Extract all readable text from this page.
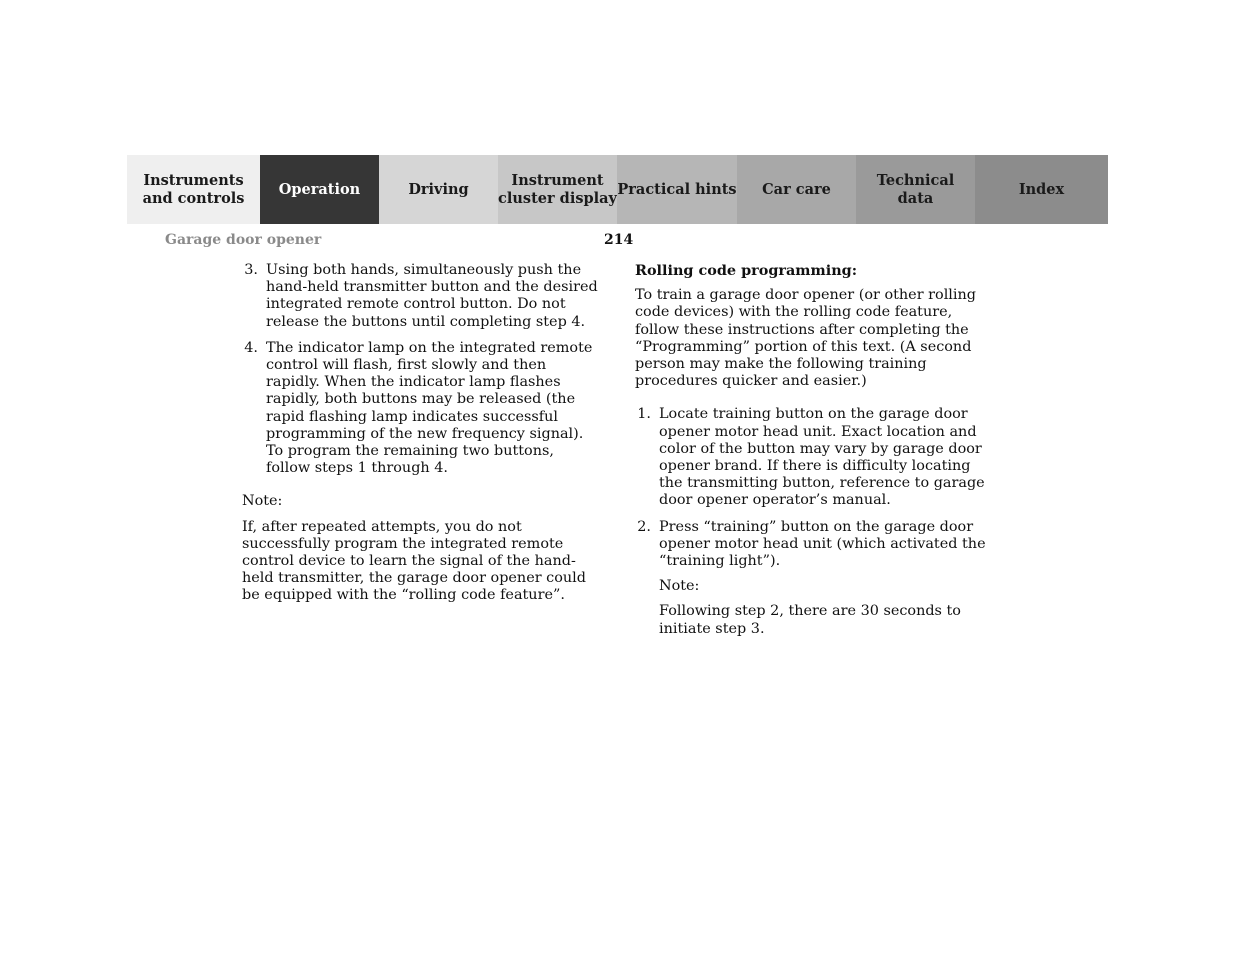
Instruments
and controls
Operation	Driving
Instrument
cluster display
Practical hints Car care
Technical
data
Index
Garage door opener	214
3. Using both hands, simultaneously push the hand-held transmitter button and the desired integrated remote control button. Do not release the buttons until completing step 4.
4. The indicator lamp on the integrated remote control will flash, first slowly and then rapidly. When the indicator lamp flashes rapidly, both buttons may be released (the rapid flashing lamp indicates successful programming of the new frequency signal). To program the remaining two buttons, follow steps 1 through 4.

Note:

If, after repeated attempts, you do not successfully program the integrated remote control device to learn the signal of the hand-held transmitter, the garage door opener could be equipped with the “rolling code feature”.

Rolling code programming:

To train a garage door opener (or other rolling code devices) with the rolling code feature, follow these instructions after completing the “Programming” portion of this text. (A second person may make the following training procedures quicker and easier.)

1. Locate training button on the garage door opener motor head unit. Exact location and color of the button may vary by garage door opener brand. If there is difficulty locating the transmitting button, reference to garage door opener operator’s manual.
2. Press “training” button on the garage door opener motor head unit (which activated the “training light”).

Note:

Following step 2, there are 30 seconds to initiate step 3.
